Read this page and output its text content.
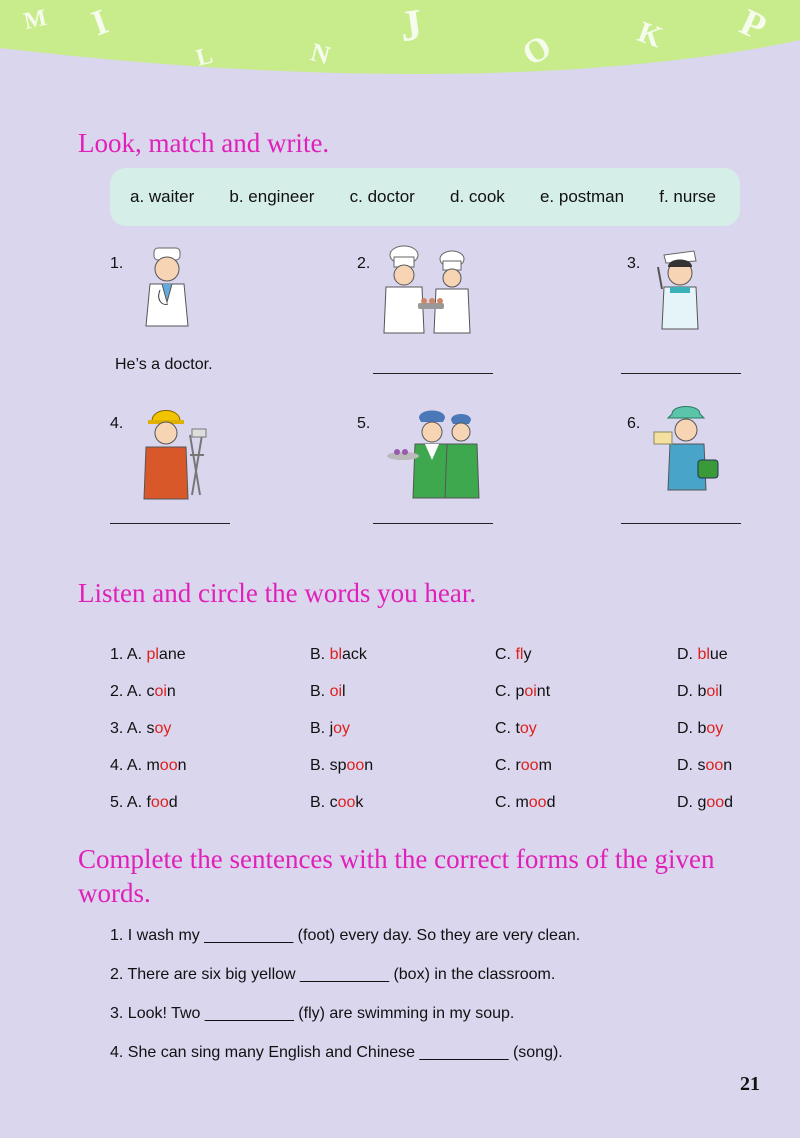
M I
L	N
J	O	K P
Look, match and write.
a. waiter b. engineer c. doctor d. cook e. postman f. nurse
1.	2.	3.
4.	5.	6.
He’s a doctor.
Listen and circle the words you hear.
1. A. plane	B. black	C. fly	D. blue
2. A. coin	B. oil	C. point	D. boil
3. A. soy	B. joy	C. toy	D. boy
4. A. moon	B. spoon	C. room	D. soon
5. A. food	B. cook	C. mood	D. good
Complete the sentences with the correct forms of the given words.
1. I wash my __________ (foot) every day. So they are very clean.
2. There are six big yellow __________ (box) in the classroom.
3. Look! Two __________ (fly) are swimming in my soup.
4. She can sing many English and Chinese __________ (song).
21
